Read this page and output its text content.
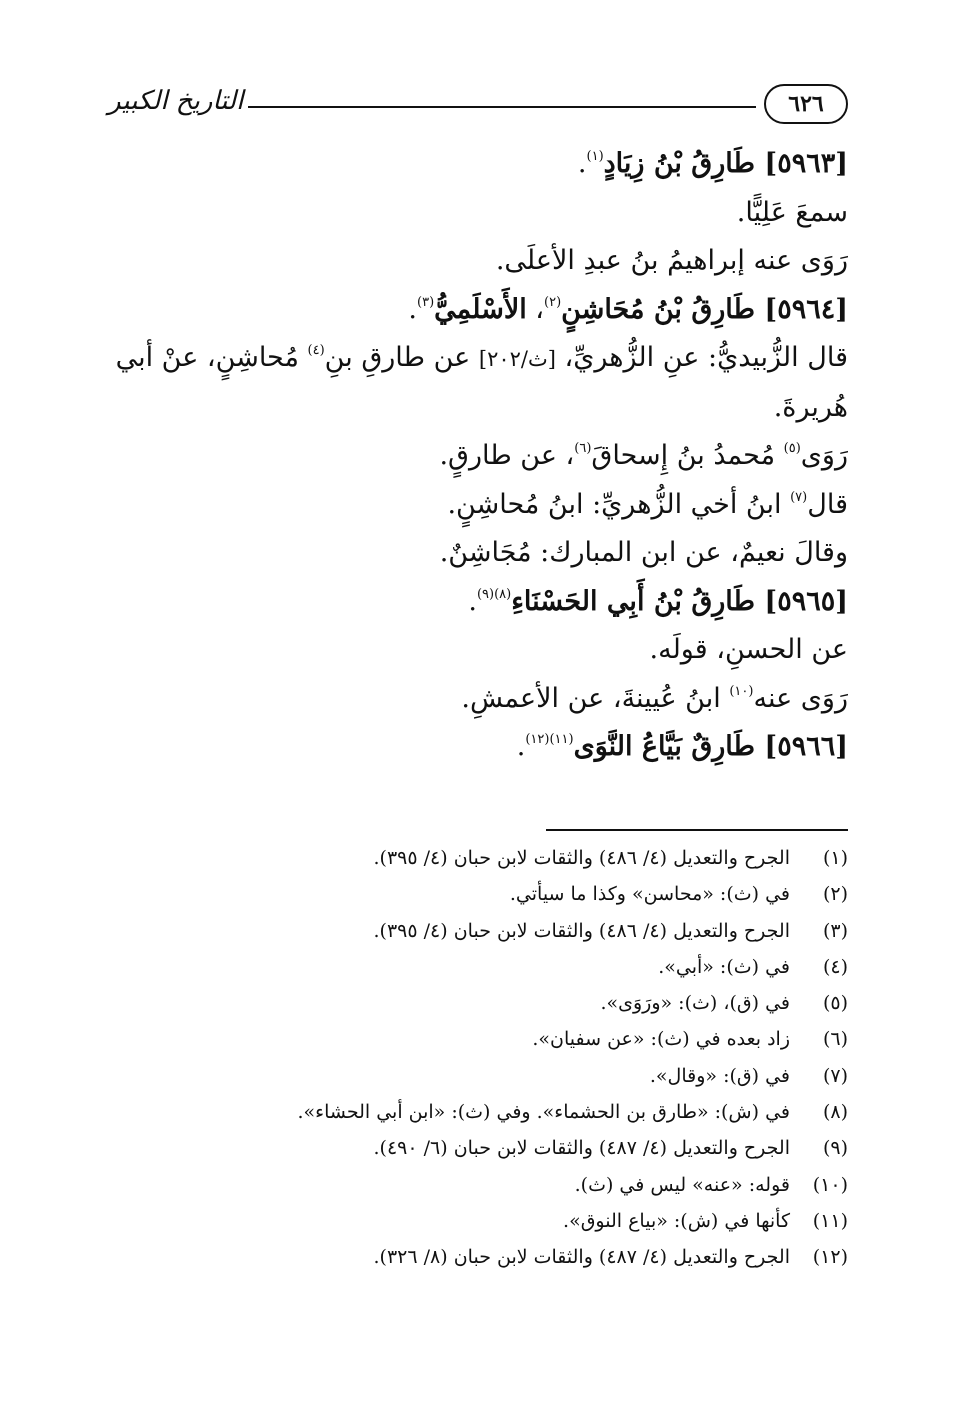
التاريخ الكبير	٦٢٦

[٥٩٦٣] طَارِقُ بْنُ زِيَادٍ$^{(١)}$.

سمعَ عَلِيًّا.

رَوَى عنه إبراهيمُ بنُ عبدِ الأعلَى.

[٥٩٦٤] طَارِقُ بْنُ مُحَاشِنٍ$^{(٢)}$، الأَسْلَمِيُّ$^{(٣)}$.

قال الزُّبيديُّ: عنِ الزُّهريِّ، [ث/٢٠٢] عن طارقِ بنِ$^{(٤)}$ مُحاشِنٍ، عنْ أبي هُريرةَ.

رَوَى$^{(٥)}$ مُحمدُ بنُ إِسحاقَ$^{(٦)}$، عن طارقٍ.

قال$^{(٧)}$ ابنُ أخي الزُّهريِّ: ابنُ مُحاشِنٍ.

وقالَ نعيمٌ، عن ابن المبارك: مُجَاشِنٌ.

[٥٩٦٥] طَارِقُ بْنُ أَبِي الحَسْنَاءِ$^{(٨)(٩)}$.

عن الحسنِ، قولَه.

رَوَى عنه$^{(١٠)}$ ابنُ عُيينةَ، عن الأعمشِ.

[٥٩٦٦] طَارِقٌ بَيَّاعُ النَّوَى$^{(١١)(١٢)}$.

(١)الجرح والتعديل (٤/ ٤٨٦) والثقات لابن حبان (٤/ ٣٩٥).
(٢)في (ث): «محاسن» وكذا ما سيأتي.
(٣)الجرح والتعديل (٤/ ٤٨٦) والثقات لابن حبان (٤/ ٣٩٥).
(٤)في (ث): «أبي».
(٥)في (ق)، (ث): «ورَوَى».
(٦)زاد بعده في (ث): «عن سفيان».
(٧)في (ق): «وقال».
(٨)في (ش): «طارق بن الحشماء». وفي (ث): «ابن أبي الحشاء».
(٩)الجرح والتعديل (٤/ ٤٨٧) والثقات لابن حبان (٦/ ٤٩٠).
(١٠)قوله: «عنه» ليس في (ث).
(١١)كأنها في (ش): «بياع النوق».
(١٢)الجرح والتعديل (٤/ ٤٨٧) والثقات لابن حبان (٨/ ٣٢٦).
